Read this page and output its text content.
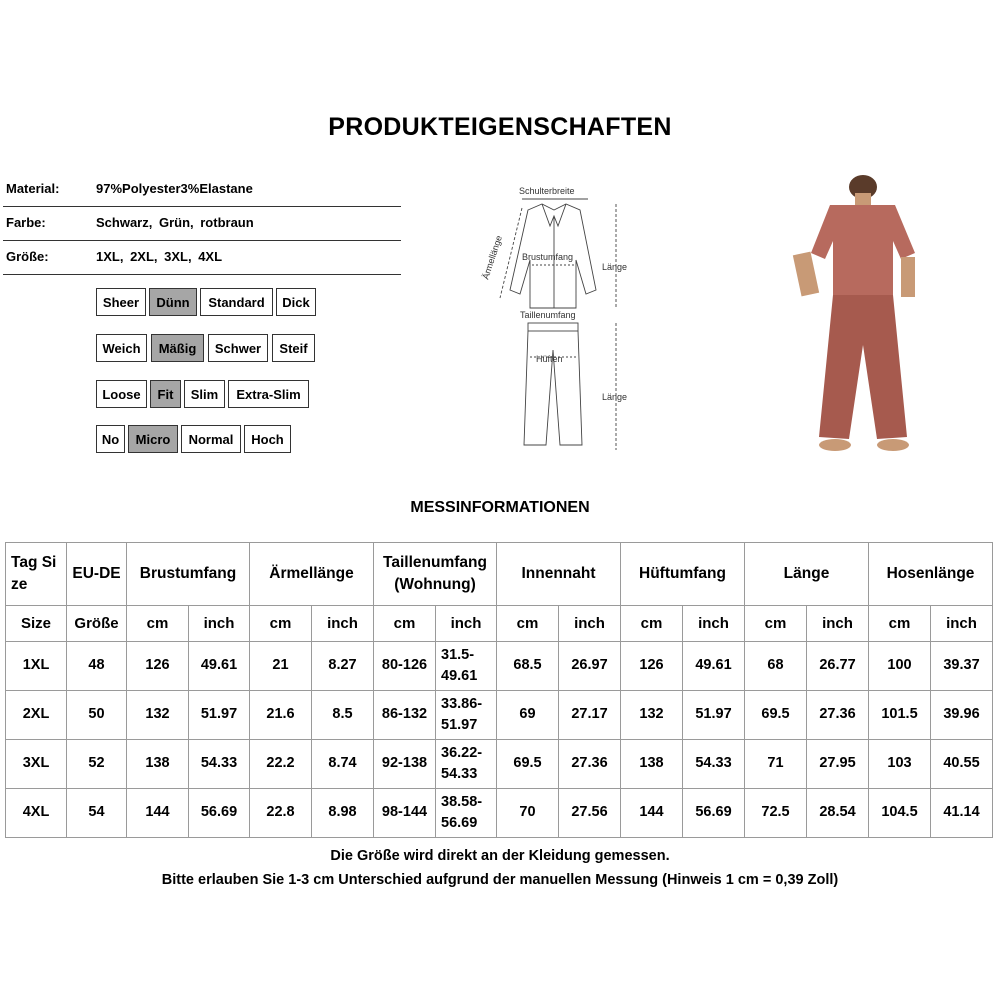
PRODUKTEIGENSCHAFTEN
Material:	97%Polyester3%Elastane
Farbe:	Schwarz, Grün, rotbraun
Größe:	1XL, 2XL, 3XL, 4XL
Sheer	Dünn	Standard	Dick
Weich	Mäßig	Schwer	Steif
Loose	Fit	Slim	Extra-Slim
No	Micro	Normal	Hoch
Schulterbreite
Brustumfang
Ärmellänge	Länge
Taillenumfang
Hüften
Länge
MESSINFORMATIONEN
Tag Si ze	EU-DE	Brustumfang		Ärmellänge		Taillenumfang (Wohnung)		Innennaht		Hüftumfang		Länge		Hosenlänge	
Size	Größe	cm	inch	cm	inch	cm	inch	cm	inch	cm	inch	cm	inch	cm	inch
1XL	48	126	49.61	21	8.27	80-126	31.5-49.61	68.5	26.97	126	49.61	68	26.77	100	39.37
2XL	50	132	51.97	21.6	8.5	86-132	33.86-51.97	69	27.17	132	51.97	69.5	27.36	101.5	39.96
3XL	52	138	54.33	22.2	8.74	92-138	36.22-54.33	69.5	27.36	138	54.33	71	27.95	103	40.55
4XL	54	144	56.69	22.8	8.98	98-144	38.58-56.69	70	27.56	144	56.69	72.5	28.54	104.5	41.14
Die Größe wird direkt an der Kleidung gemessen.
Bitte erlauben Sie 1-3 cm Unterschied aufgrund der manuellen Messung (Hinweis 1 cm = 0,39 Zoll)
